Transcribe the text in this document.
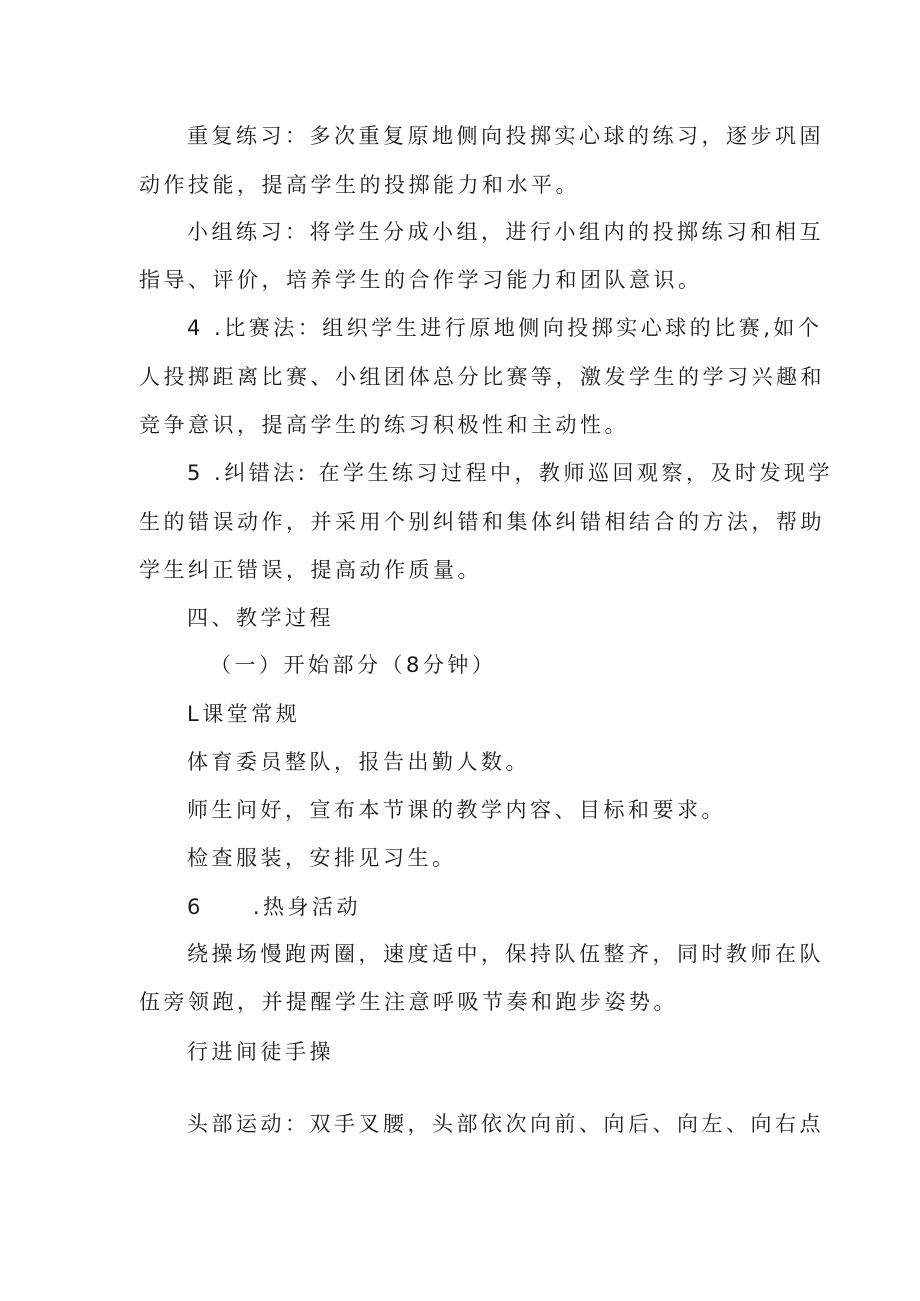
重复练习：多次重复原地侧向投掷实心球的练习，逐步巩固
动作技能，提高学生的投掷能力和水平。
小组练习：将学生分成小组，进行小组内的投掷练习和相互
指导、评价，培养学生的合作学习能力和团队意识。
4 .比赛法：组织学生进行原地侧向投掷实心球的比赛,如个
人投掷距离比赛、小组团体总分比赛等，激发学生的学习兴趣和
竞争意识，提高学生的练习积极性和主动性。
5 .纠错法: 在学生练习过程中，教师巡回观察，及时发现学
生的错误动作，并采用个别纠错和集体纠错相结合的方法，帮助
学生纠正错误，提高动作质量。
四、教学过程
（一）开始部分（8分钟）
L课堂常规
体育委员整队，报告出勤人数。
师生问好，宣布本节课的教学内容、目标和要求。
检查服装，安排见习生。
6　　.热身活动
绕操场慢跑两圈，速度适中，保持队伍整齐，同时教师在队
伍旁领跑，并提醒学生注意呼吸节奏和跑步姿势。
行进间徒手操
头部运动：双手叉腰，头部依次向前、向后、向左、向右点
